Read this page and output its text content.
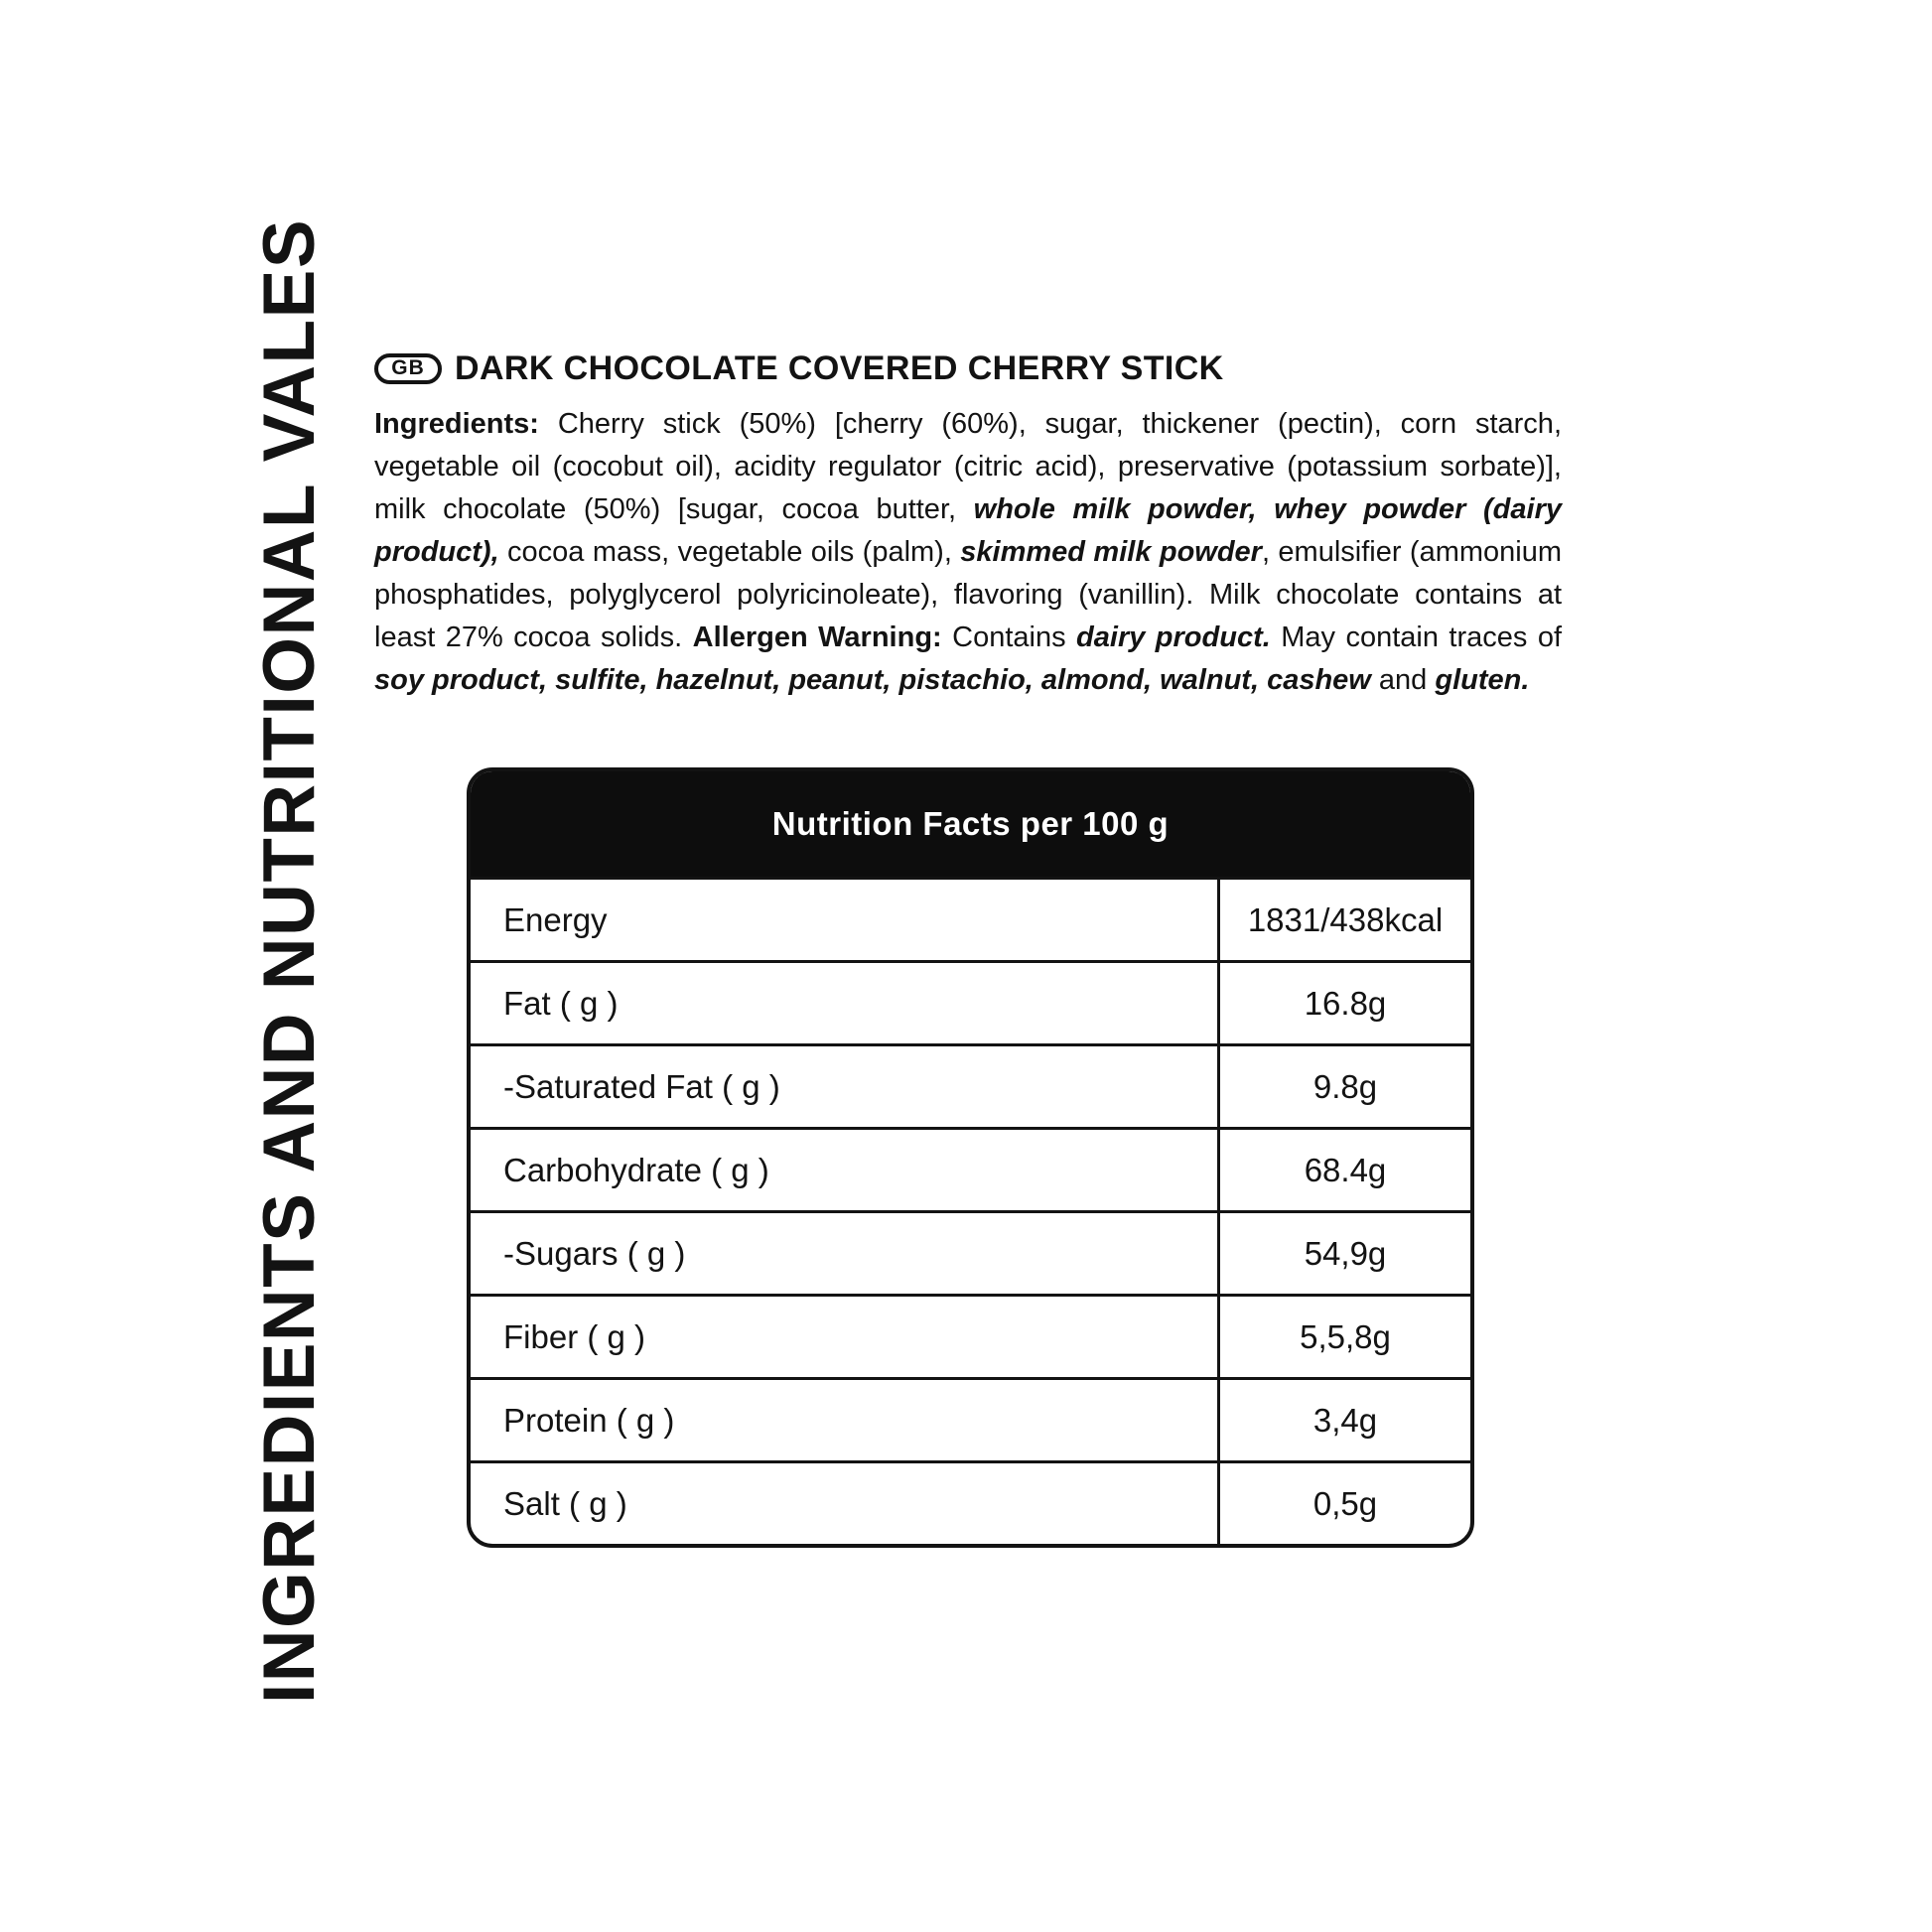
INGREDIENTS AND NUTRITIONAL VALES	GB DARK CHOCOLATE COVERED CHERRY STICK

Ingredients: Cherry stick (50%) [cherry (60%), sugar, thickener (pectin), corn starch, vegetable oil (cocobut oil), acidity regulator (citric acid), preservative (potassium sorbate)], milk chocolate (50%) [sugar, cocoa butter, whole milk powder, whey powder (dairy product), cocoa mass, vegetable oils (palm), skimmed milk powder, emulsifier (ammonium phosphatides, polyglycerol polyricinoleate), flavoring (vanillin). Milk chocolate contains at least 27% cocoa solids. Allergen Warning: Contains dairy product. May contain traces of soy product, sulfite, hazelnut, peanut, pistachio, almond, walnut, cashew and gluten.

Nutrition Facts per 100 g
Energy	1831/438kcal
Fat ( g )	16.8g
-Saturated Fat ( g )	9.8g
Carbohydrate ( g )	68.4g
-Sugars ( g )	54,9g
Fiber ( g )	5,5,8g
Protein ( g )	3,4g
Salt ( g )	0,5g
